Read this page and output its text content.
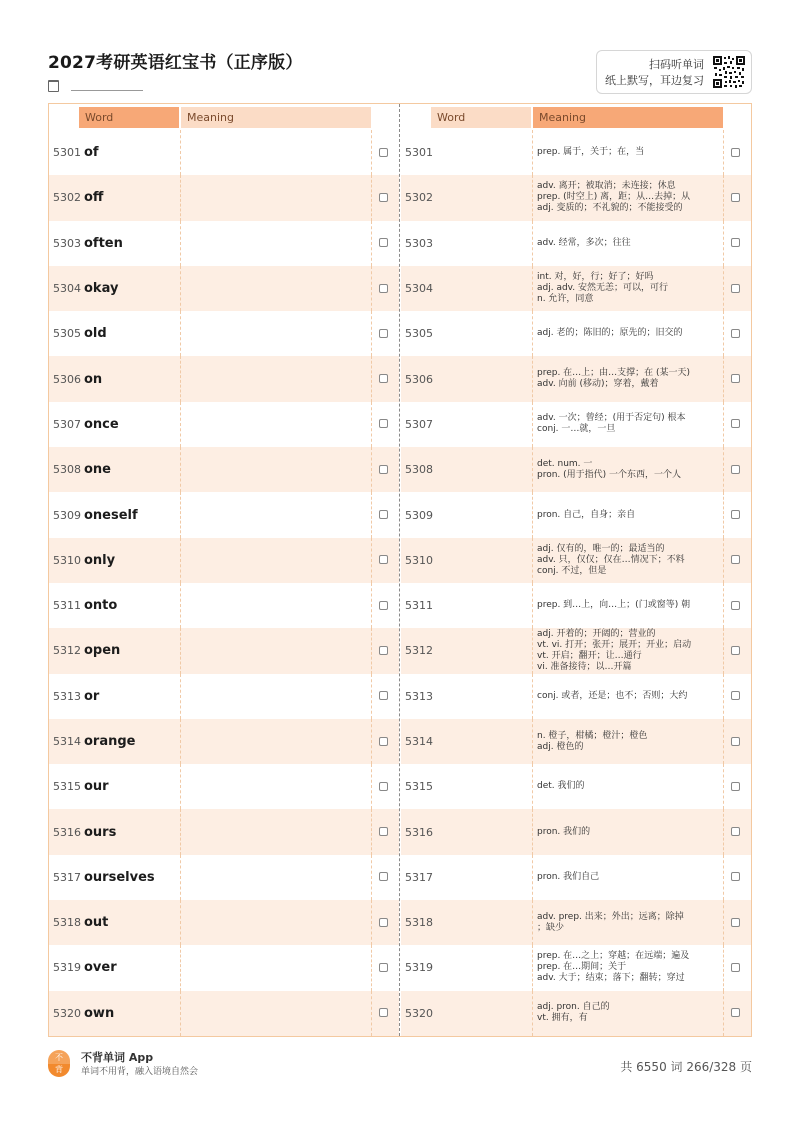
2027考研英语红宝书（正序版）	扫码听单词
纸上默写，耳边复习
Word	Meaning
5301 of
5302 off
5303 often
5304 okay
5305 old
5306 on
5307 once
5308 one
5309 oneself
5310 only
5311 onto
5312 open
5313 or
5314 orange
5315 our
5316 ours
5317 ourselves
5318 out
5319 over
5320 own
Word	Meaning
5301	prep. 属于，关于；在，当
5302
adv. 离开；被取消；未连接；休息
prep. (时空上) 离，距；从…去掉；从
adj. 变质的；不礼貌的；不能接受的
5303	adv. 经常，多次；往往
5304
int. 对，好，行；好了；好吗
adj. adv. 安然无恙；可以，可行
n. 允许，同意
5305	adj. 老的；陈旧的；原先的；旧交的
5306	prep. 在…上；由…支撑；在 (某一天)
adv. 向前 (移动)；穿着，戴着
5307	adv. 一次；曾经；(用于否定句) 根本
conj. 一…就，一旦
5308	det. num. 一
pron. (用于指代) 一个东西，一个人
5309	pron. 自己，自身；亲自
5310
adj. 仅有的，唯一的；最适当的
adv. 只，仅仅；仅在…情况下；不料
conj. 不过，但是
5311	prep. 到…上，向…上；(门或窗等) 朝
5312
adj. 开着的；开阔的；营业的
vt. vi. 打开；张开；展开；开业；启动
vt. 开启；翻开；让…通行
vi. 准备接待；以…开篇
5313	conj. 或者，还是；也不；否则；大约
5314	n. 橙子，柑橘；橙汁；橙色
adj. 橙色的
5315	det. 我们的
5316	pron. 我们的
5317	pron. 我们自己
5318	adv. prep. 出来；外出；远离；除掉
；缺少
5319
prep. 在…之上；穿越；在远端；遍及
prep. 在…期间；关于
adv. 大于；结束；落下；翻转；穿过
5320	adj. pron. 自己的
vt. 拥有，有
不
背
不背单词 App
单词不用背，融入语境自然会	共 6550 词 266/328 页
